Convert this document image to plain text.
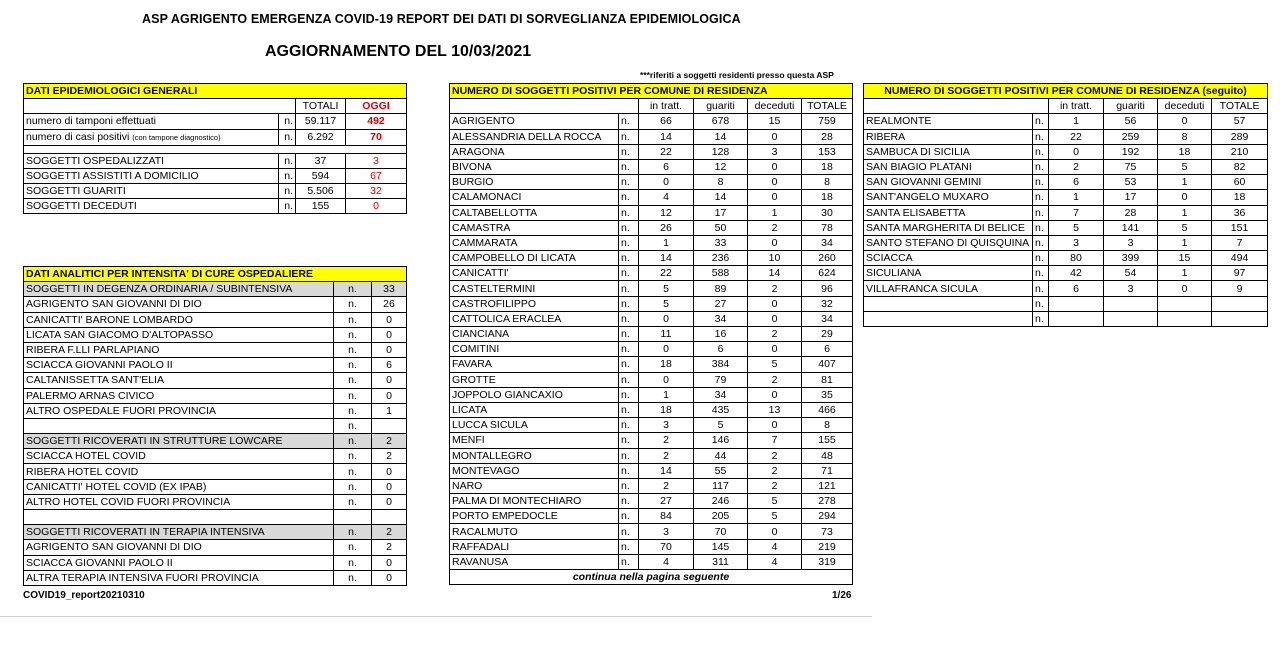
ASP AGRIGENTO EMERGENZA COVID-19 REPORT DEI DATI DI SORVEGLIANZA EPIDEMIOLOGICA
AGGIORNAMENTO DEL 10/03/2021
***riferiti a soggetti residenti presso questa ASP
DATI EPIDEMIOLOGICI GENERALI			
		TOTALI	OGGI
numero di tamponi effettuati	n.	59.117	492
numero di casi positivi (con tampone diagnostico)	n.	6.292	70

SOGGETTI OSPEDALIZZATI	n.	37	3
SOGGETTI ASSISTITI A DOMICILIO	n.	594	67
SOGGETTI GUARITI	n.	5.506	32
SOGGETTI DECEDUTI	n.	155	0
DATI ANALITICI PER INTENSITA' DI CURE OSPEDALIERE		
SOGGETTI IN DEGENZA ORDINARIA / SUBINTENSIVA	n.	33
AGRIGENTO SAN GIOVANNI DI DIO	n.	26
CANICATTI' BARONE LOMBARDO	n.	0
LICATA SAN GIACOMO D'ALTOPASSO	n.	0
RIBERA F.LLI PARLAPIANO	n.	0
SCIACCA GIOVANNI PAOLO II	n.	6
CALTANISSETTA SANT'ELIA	n.	0
PALERMO ARNAS CIVICO	n.	0
ALTRO OSPEDALE FUORI PROVINCIA	n.	1
	n.	
SOGGETTI RICOVERATI IN STRUTTURE LOWCARE	n.	2
SCIACCA HOTEL COVID	n.	2
RIBERA HOTEL COVID	n.	0
CANICATTI' HOTEL COVID (EX IPAB)	n.	0
ALTRO HOTEL COVID FUORI PROVINCIA	n.	0

SOGGETTI RICOVERATI IN TERAPIA INTENSIVA	n.	2
AGRIGENTO SAN GIOVANNI DI DIO	n.	2
SCIACCA GIOVANNI PAOLO II	n.	0
ALTRA TERAPIA INTENSIVA FUORI PROVINCIA	n.	0
NUMERO DI SOGGETTI POSITIVI PER COMUNE DI RESIDENZA					
		in tratt.	guariti	deceduti	TOTALE
AGRIGENTO	n.	66	678	15	759
ALESSANDRIA DELLA ROCCA	n.	14	14	0	28
ARAGONA	n.	22	128	3	153
BIVONA	n.	6	12	0	18
BURGIO	n.	0	8	0	8
CALAMONACI	n.	4	14	0	18
CALTABELLOTTA	n.	12	17	1	30
CAMASTRA	n.	26	50	2	78
CAMMARATA	n.	1	33	0	34
CAMPOBELLO DI LICATA	n.	14	236	10	260
CANICATTI'	n.	22	588	14	624
CASTELTERMINI	n.	5	89	2	96
CASTROFILIPPO	n.	5	27	0	32
CATTOLICA ERACLEA	n.	0	34	0	34
CIANCIANA	n.	11	16	2	29
COMITINI	n.	0	6	0	6
FAVARA	n.	18	384	5	407
GROTTE	n.	0	79	2	81
JOPPOLO GIANCAXIO	n.	1	34	0	35
LICATA	n.	18	435	13	466
LUCCA SICULA	n.	3	5	0	8
MENFI	n.	2	146	7	155
MONTALLEGRO	n.	2	44	2	48
MONTEVAGO	n.	14	55	2	71
NARO	n.	2	117	2	121
PALMA DI MONTECHIARO	n.	27	246	5	278
PORTO EMPEDOCLE	n.	84	205	5	294
RACALMUTO	n.	3	70	0	73
RAFFADALI	n.	70	145	4	219
RAVANUSA	n.	4	311	4	319
continua nella pagina seguente					
NUMERO DI SOGGETTI POSITIVI PER COMUNE DI RESIDENZA (seguito)					
		in tratt.	guariti	deceduti	TOTALE
REALMONTE	n.	1	56	0	57
RIBERA	n.	22	259	8	289
SAMBUCA DI SICILIA	n.	0	192	18	210
SAN BIAGIO PLATANI	n.	2	75	5	82
SAN GIOVANNI GEMINI	n.	6	53	1	60
SANT'ANGELO MUXARO	n.	1	17	0	18
SANTA ELISABETTA	n.	7	28	1	36
SANTA MARGHERITA DI BELICE	n.	5	141	5	151
SANTO STEFANO DI QUISQUINA	n.	3	3	1	7
SCIACCA	n.	80	399	15	494
SICULIANA	n.	42	54	1	97
VILLAFRANCA SICULA	n.	6	3	0	9
	n.				
	n.				
COVID19_report20210310	1/26
